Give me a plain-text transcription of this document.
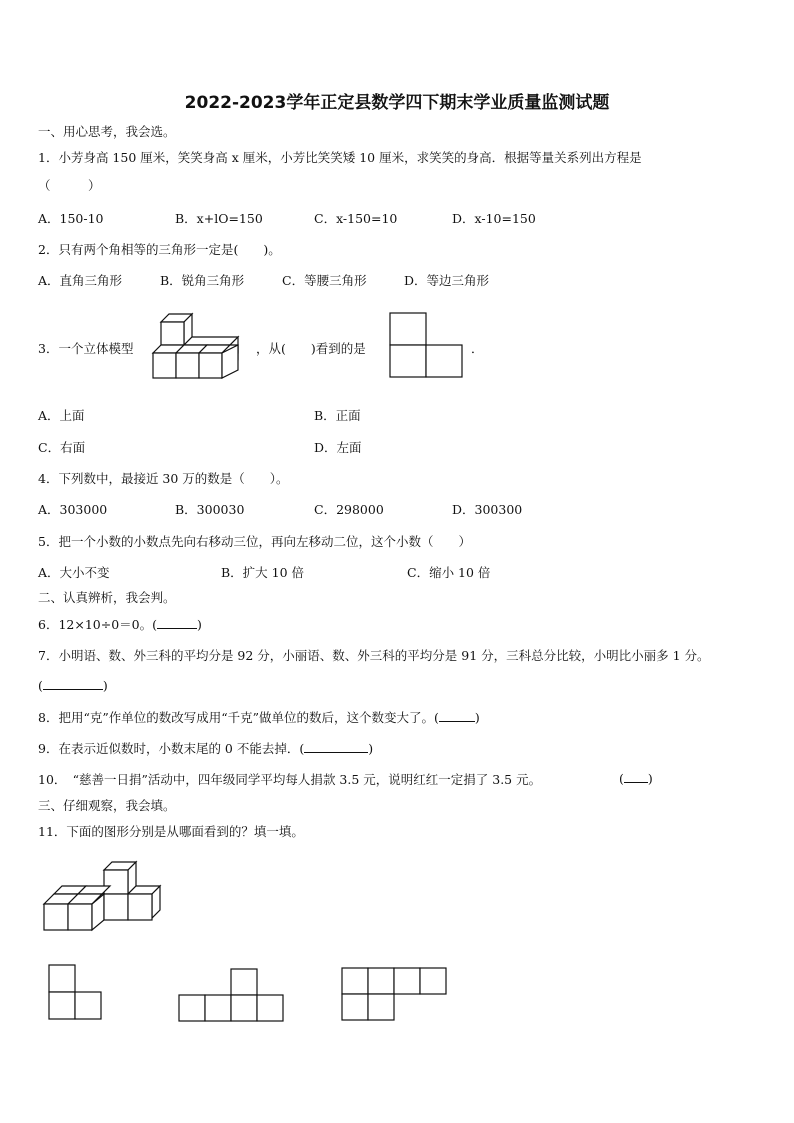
2022-2023学年正定县数学四下期末学业质量监测试题
一、用心思考，我会选。
1．小芳身高 150 厘米，笑笑身高 x 厘米，小芳比笑笑矮 10 厘米，求笑笑的身高．根据等量关系列出方程是
（　　　）
A．150-10	B．x+lO=150	C．x-150=10	D．x-10=150
2．只有两个角相等的三角形一定是(　　)。
A．直角三角形	B．锐角三角形	C．等腰三角形	D．等边三角形
3．一个立体模型	，从(　　)看到的是	．
A．上面	B．正面
C．右面	D．左面
4．下列数中，最接近 30 万的数是（　　）。
A．303000	B．300030	C．298000	D．300300
5．把一个小数的小数点先向右移动三位，再向左移动二位，这个小数（　　）
A．大小不变	B．扩大 10 倍	C．缩小 10 倍
二、认真辨析，我会判。
6．12×10÷0＝0。(	)
7．小明语、数、外三科的平均分是 92 分，小丽语、数、外三科的平均分是 91 分，三科总分比较，小明比小丽多 1 分。
(	)
8．把用“克”作单位的数改写成用“千克”做单位的数后，这个数变大了。(	)
9．在表示近似数时，小数末尾的 0 不能去掉．(	)
10．　“慈善一日捐”活动中，四年级同学平均每人捐款 3.5 元，说明红红一定捐了 3.5 元。	( )
三、仔细观察，我会填。
11．下面的图形分别是从哪面看到的？填一填。
